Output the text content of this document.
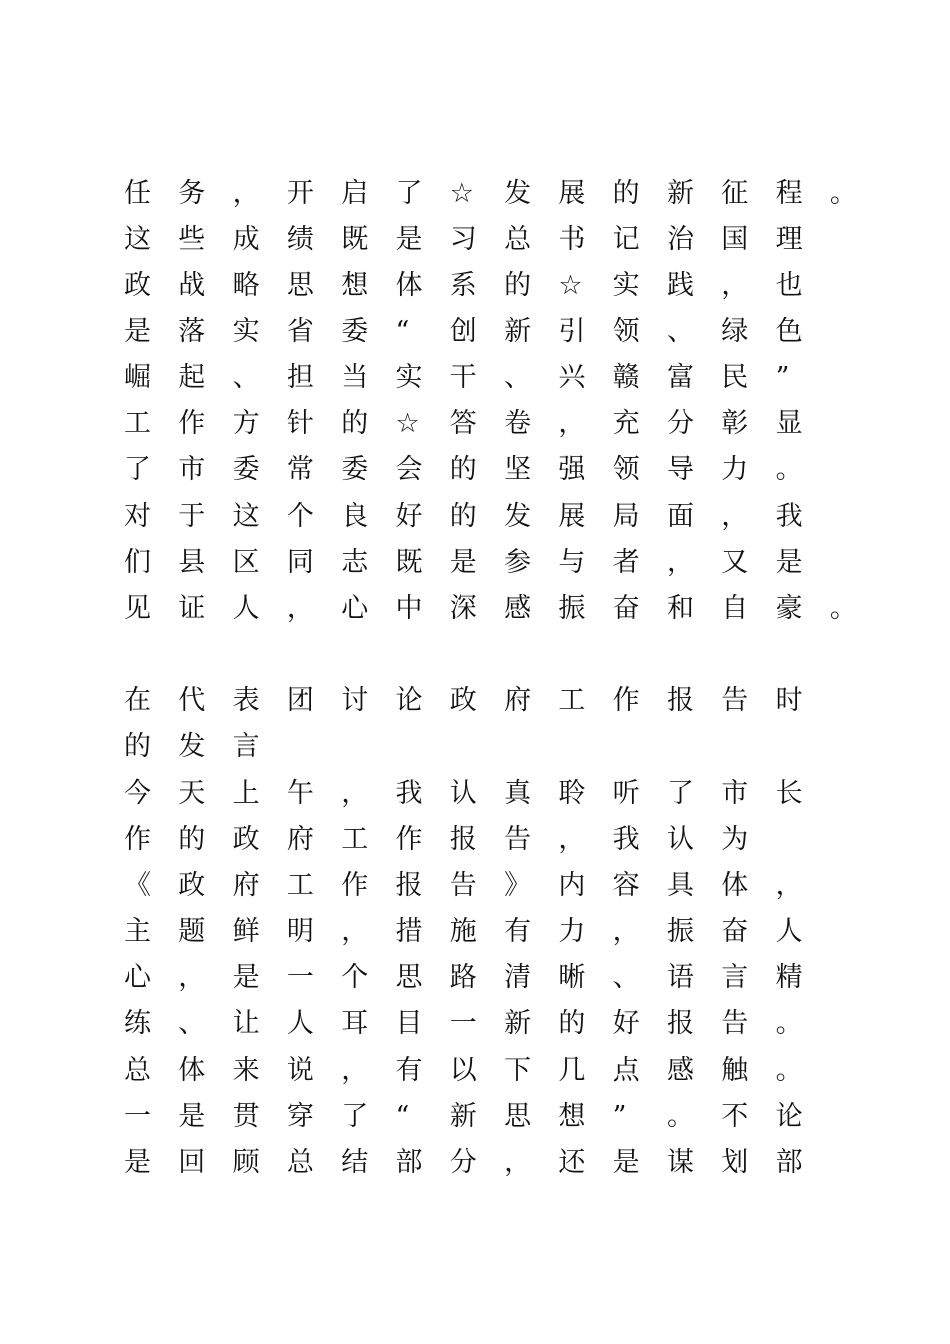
任 务 ， 开 启 了 ☆ 发 展 的 新 征 程 。
这 些 成 绩 既 是 习 总 书 记 治 国 理
政 战 略 思 想 体 系 的 ☆ 实 践 ， 也
是 落 实 省 委 “ 创 新 引 领 、 绿 色
崛 起 、 担 当 实 干 、 兴 赣 富 民 ”
工 作 方 针 的 ☆ 答 卷 ， 充 分 彰 显
了 市 委 常 委 会 的 坚 强 领 导 力 。
对 于 这 个 良 好 的 发 展 局 面 ， 我
们 县 区 同 志 既 是 参 与 者 ， 又 是
见 证 人 ， 心 中 深 感 振 奋 和 自 豪 。
在 代 表 团 讨 论 政 府 工 作 报 告 时
的 发 言
今 天 上 午 ， 我 认 真 聆 听 了 市 长
作 的 政 府 工 作 报 告 ， 我 认 为
《 政 府 工 作 报 告 》 内 容 具 体 ，
主 题 鲜 明 ， 措 施 有 力 ， 振 奋 人
心 ， 是 一 个 思 路 清 晰 、 语 言 精
练 、 让 人 耳 目 一 新 的 好 报 告 。
总 体 来 说 ， 有 以 下 几 点 感 触 。
一 是 贯 穿 了 “ 新 思 想 ” 。 不 论
是 回 顾 总 结 部 分 ， 还 是 谋 划 部
